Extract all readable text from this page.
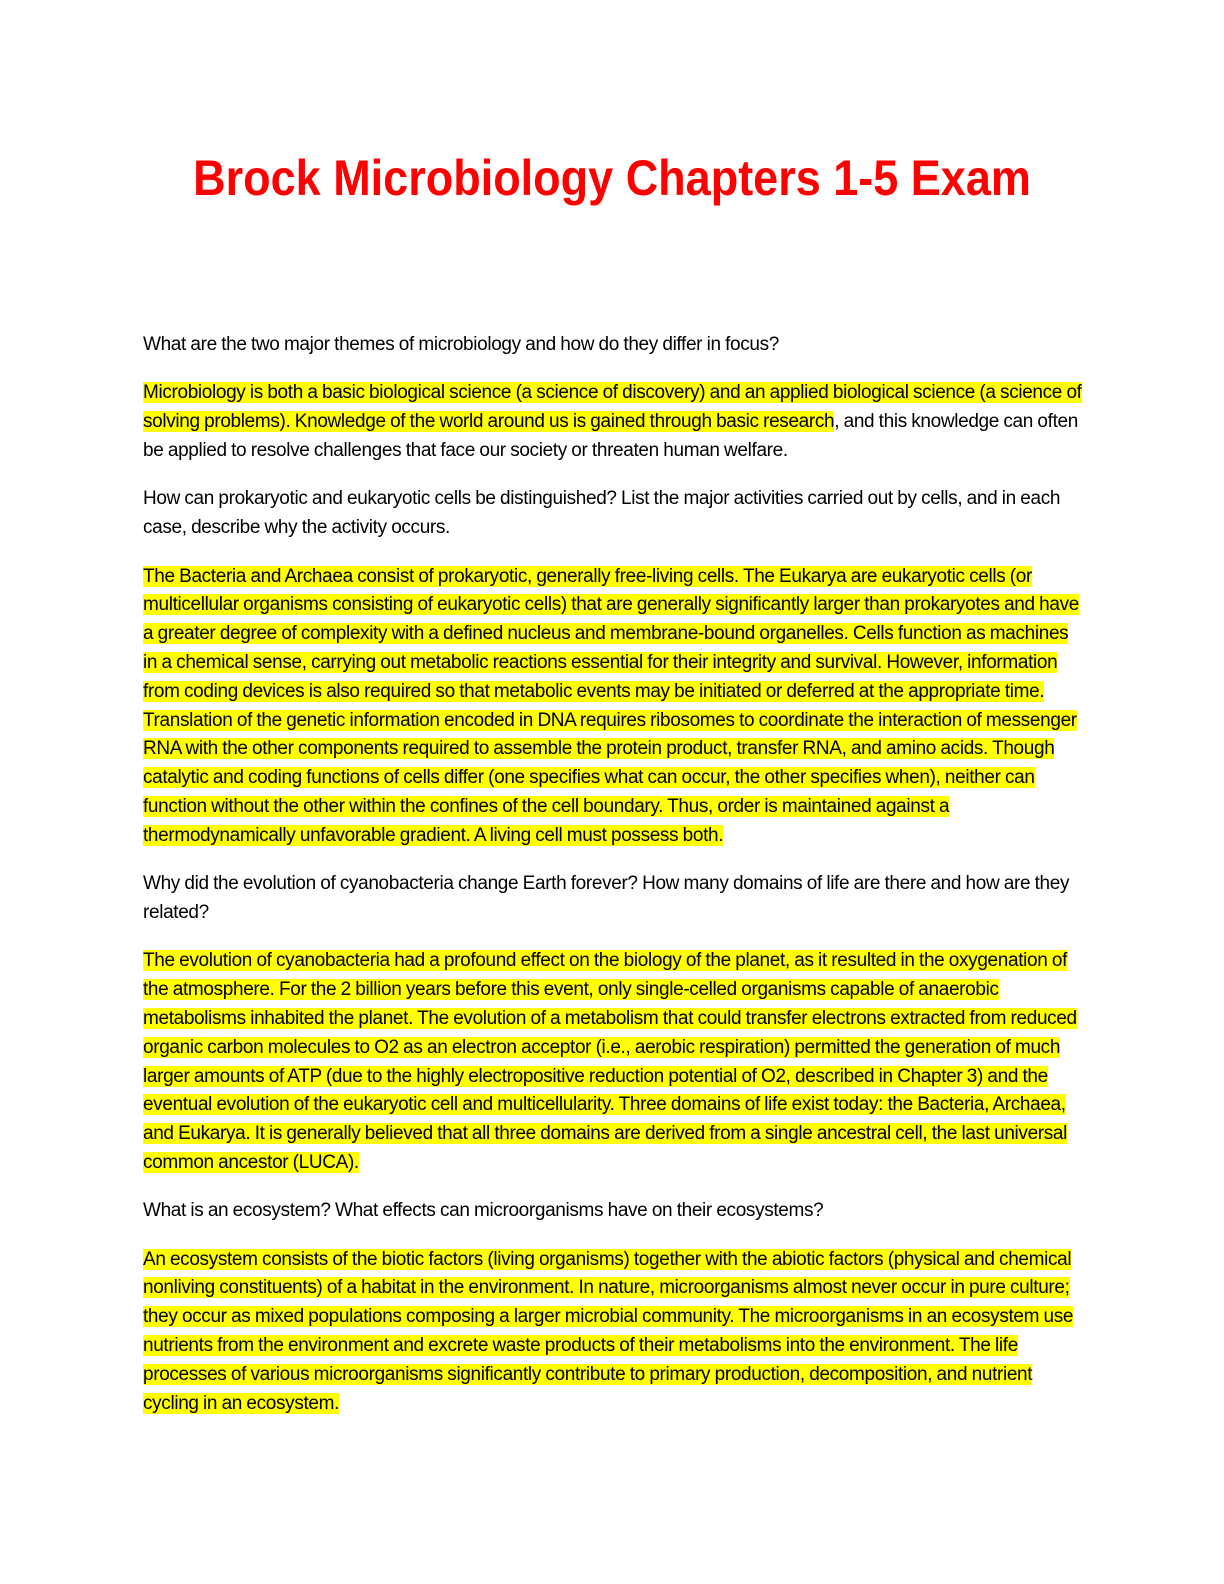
Brock Microbiology Chapters 1-5 Exam

What are the two major themes of microbiology and how do they differ in focus?

Microbiology is both a basic biological science (a science of discovery) and an applied biological science (a science of solving problems). Knowledge of the world around us is gained through basic research, and this knowledge can often be applied to resolve challenges that face our society or threaten human welfare.

How can prokaryotic and eukaryotic cells be distinguished? List the major activities carried out by cells, and in each case, describe why the activity occurs.

The Bacteria and Archaea consist of prokaryotic, generally free-living cells. The Eukarya are eukaryotic cells (or multicellular organisms consisting of eukaryotic cells) that are generally significantly larger than prokaryotes and have a greater degree of complexity with a defined nucleus and membrane-bound organelles. Cells function as machines in a chemical sense, carrying out metabolic reactions essential for their integrity and survival. However, information from coding devices is also required so that metabolic events may be initiated or deferred at the appropriate time. Translation of the genetic information encoded in DNA requires ribosomes to coordinate the interaction of messenger RNA with the other components required to assemble the protein product, transfer RNA, and amino acids. Though catalytic and coding functions of cells differ (one specifies what can occur, the other specifies when), neither can function without the other within the confines of the cell boundary. Thus, order is maintained against a thermodynamically unfavorable gradient. A living cell must possess both.

Why did the evolution of cyanobacteria change Earth forever? How many domains of life are there and how are they related?

The evolution of cyanobacteria had a profound effect on the biology of the planet, as it resulted in the oxygenation of the atmosphere. For the 2 billion years before this event, only single-celled organisms capable of anaerobic metabolisms inhabited the planet. The evolution of a metabolism that could transfer electrons extracted from reduced organic carbon molecules to O2 as an electron acceptor (i.e., aerobic respiration) permitted the generation of much larger amounts of ATP (due to the highly electropositive reduction potential of O2, described in Chapter 3) and the eventual evolution of the eukaryotic cell and multicellularity. Three domains of life exist today: the Bacteria, Archaea, and Eukarya. It is generally believed that all three domains are derived from a single ancestral cell, the last universal common ancestor (LUCA).

What is an ecosystem? What effects can microorganisms have on their ecosystems?

An ecosystem consists of the biotic factors (living organisms) together with the abiotic factors (physical and chemical nonliving constituents) of a habitat in the environment. In nature, microorganisms almost never occur in pure culture; they occur as mixed populations composing a larger microbial community. The microorganisms in an ecosystem use nutrients from the environment and excrete waste products of their metabolisms into the environment. The life processes of various microorganisms significantly contribute to primary production, decomposition, and nutrient cycling in an ecosystem.
